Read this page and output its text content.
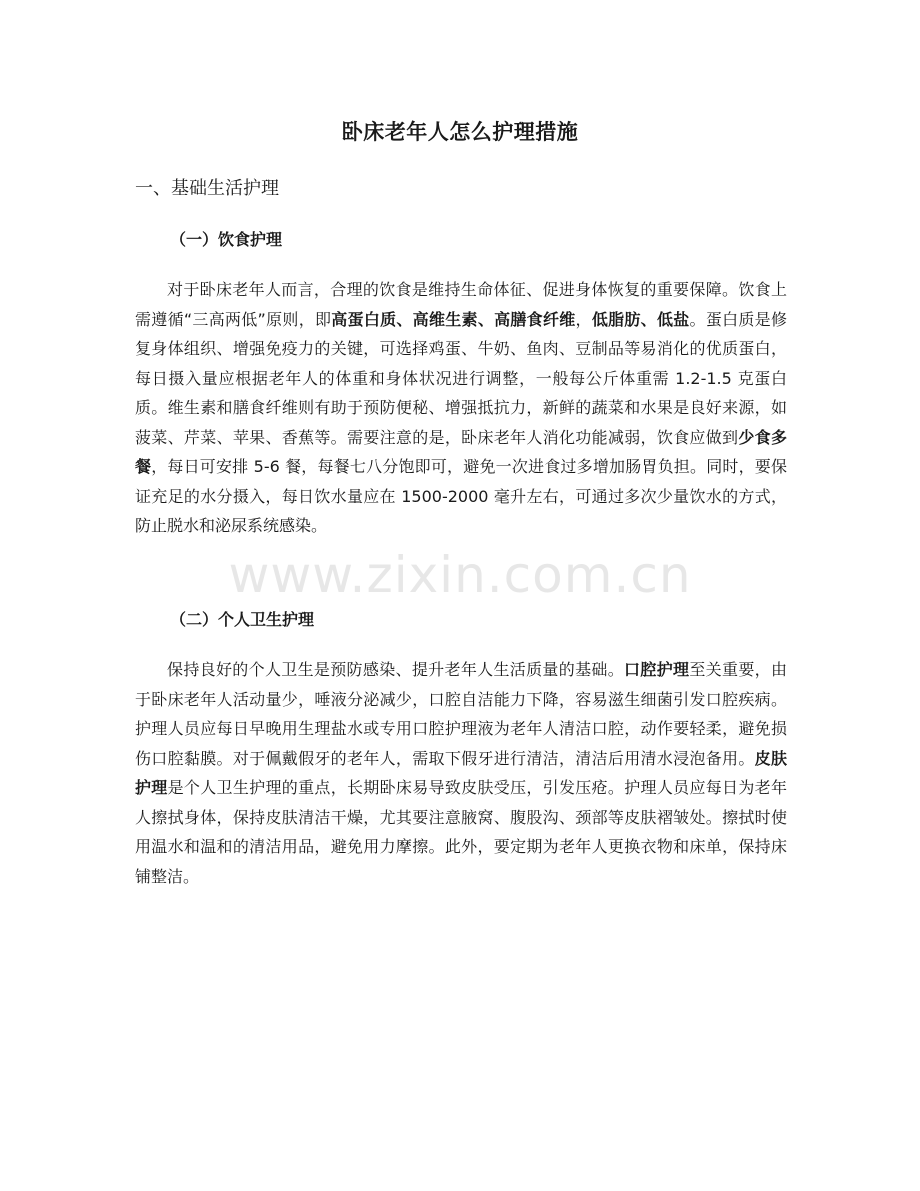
卧床老年人怎么护理措施
一、基础生活护理
（一）饮食护理
对于卧床老年人而言，合理的饮食是维持生命体征、促进身体恢复的重要保障。饮食上需遵循“三高两低”原则，即高蛋白质、高维生素、高膳食纤维，低脂肪、低盐。蛋白质是修复身体组织、增强免疫力的关键，可选择鸡蛋、牛奶、鱼肉、豆制品等易消化的优质蛋白，每日摄入量应根据老年人的体重和身体状况进行调整，一般每公斤体重需 1.2-1.5 克蛋白质。维生素和膳食纤维则有助于预防便秘、增强抵抗力，新鲜的蔬菜和水果是良好来源，如菠菜、芹菜、苹果、香蕉等。需要注意的是，卧床老年人消化功能减弱，饮食应做到少食多餐，每日可安排 5-6 餐，每餐七八分饱即可，避免一次进食过多增加肠胃负担。同时，要保证充足的水分摄入，每日饮水量应在 1500-2000 毫升左右，可通过多次少量饮水的方式，防止脱水和泌尿系统感染。
（二）个人卫生护理
保持良好的个人卫生是预防感染、提升老年人生活质量的基础。口腔护理至关重要，由于卧床老年人活动量少，唾液分泌减少，口腔自洁能力下降，容易滋生细菌引发口腔疾病。护理人员应每日早晚用生理盐水或专用口腔护理液为老年人清洁口腔，动作要轻柔，避免损伤口腔黏膜。对于佩戴假牙的老年人，需取下假牙进行清洁，清洁后用清水浸泡备用。皮肤护理是个人卫生护理的重点，长期卧床易导致皮肤受压，引发压疮。护理人员应每日为老年人擦拭身体，保持皮肤清洁干燥，尤其要注意腋窝、腹股沟、颈部等皮肤褶皱处。擦拭时使用温水和温和的清洁用品，避免用力摩擦。此外，要定期为老年人更换衣物和床单，保持床铺整洁。
www.zixin.com.cn
